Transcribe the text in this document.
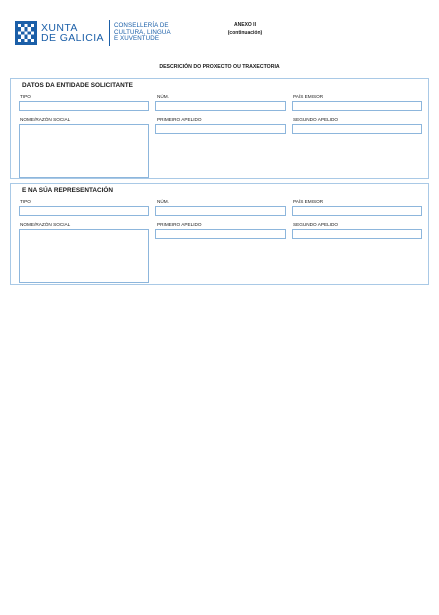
XUNTA
DE GALICIA
CONSELLERÍA DE
CULTURA, LINGUA
E XUVENTUDE
ANEXO II
(continuación)
DESCRICIÓN DO PROXECTO OU TRAXECTORIA
DATOS DA ENTIDADE SOLICITANTE
TIPO	NÚM.	PAÍS EMISOR
NOME/RAZÓN SOCIAL	PRIMEIRO APELIDO	SEGUNDO APELIDO
E NA SÚA REPRESENTACIÓN
TIPO	NÚM.	PAÍS EMISOR
NOME/RAZÓN SOCIAL	PRIMEIRO APELIDO	SEGUNDO APELIDO
